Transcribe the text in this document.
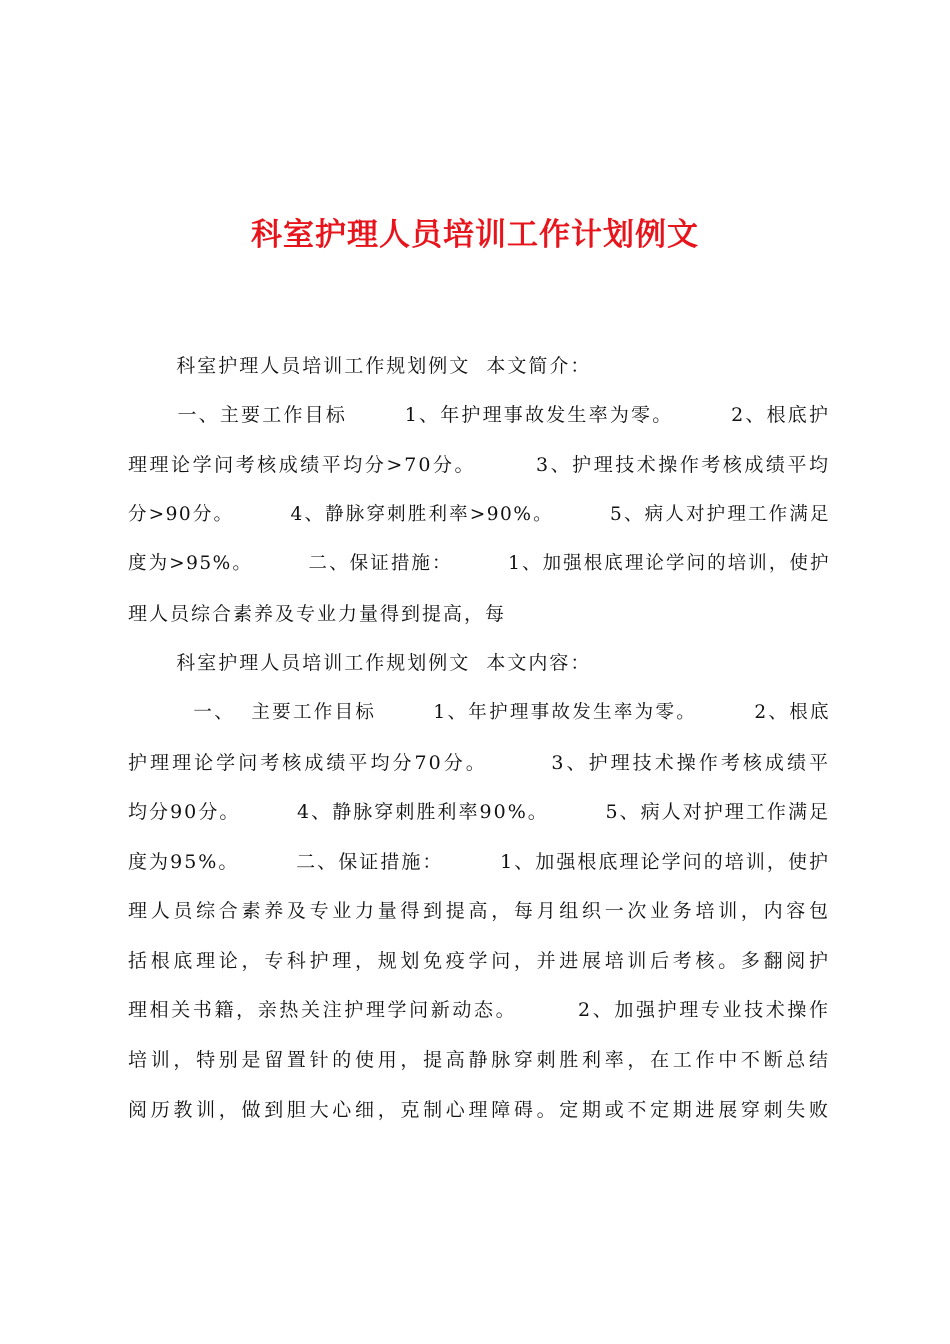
科室护理人员培训工作计划例文
科室护理人员培训工作规划例文  本文简介：
一、主要工作目标       1、年护理事故发生率为零。       2、根底护
理理论学问考核成绩平均分>70分。       3、护理技术操作考核成绩平均
分>90分。       4、静脉穿刺胜利率>90%。       5、病人对护理工作满足
度为>95%。       二、保证措施：       1、加强根底理论学问的培训，使护
理人员综合素养及专业力量得到提高，每
科室护理人员培训工作规划例文  本文内容：
一、  主要工作目标       1、年护理事故发生率为零。       2、根底
护理理论学问考核成绩平均分70分。       3、护理技术操作考核成绩平
均分90分。       4、静脉穿刺胜利率90%。       5、病人对护理工作满足
度为95%。       二、保证措施：       1、加强根底理论学问的培训，使护
理人员综合素养及专业力量得到提高，每月组织一次业务培训，内容包
括根底理论，专科护理，规划免疫学问，并进展培训后考核。多翻阅护
理相关书籍，亲热关注护理学问新动态。       2、加强护理专业技术操作
培训，特别是留置针的使用，提高静脉穿刺胜利率，在工作中不断总结
阅历教训，做到胆大心细，克制心理障碍。定期或不定期进展穿刺失败
